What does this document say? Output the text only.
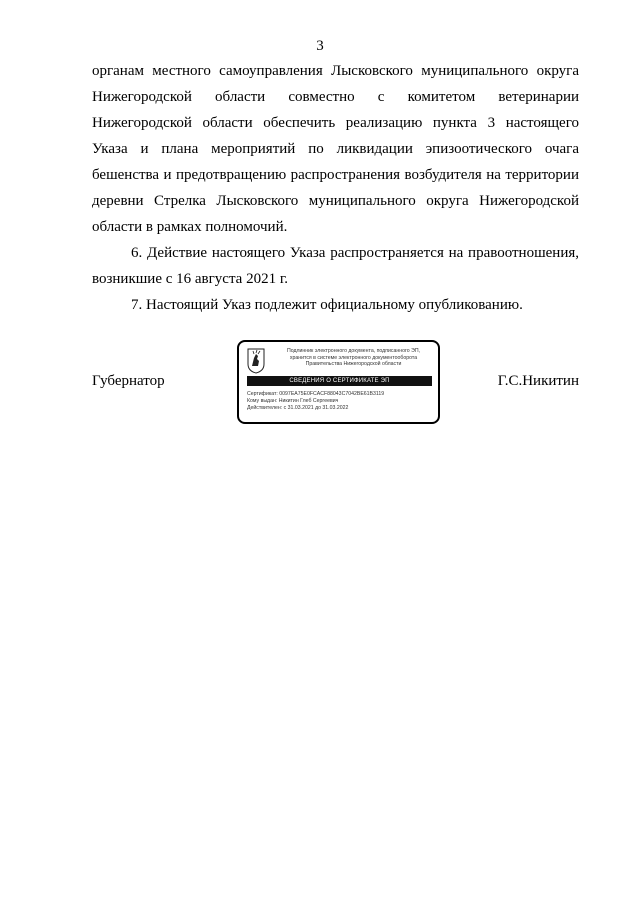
3

органам местного самоуправления Лысковского муниципального округа

Нижегородской области совместно с комитетом ветеринарии

Нижегородской области обеспечить реализацию пункта 3 настоящего

Указа и плана мероприятий по ликвидации эпизоотического очага

бешенства и предотвращению распространения возбудителя на территории

деревни Стрелка Лысковского муниципального округа Нижегородской

области в рамках полномочий.

6. Действие настоящего Указа распространяется на правоотношения,

возникшие с 16 августа 2021 г.

7. Настоящий Указ подлежит официальному опубликованию.

Губернатор
Подлинник электронного документа, подписанного ЭП,
хранится в системе электронного документооборота
Правительства Нижегородской области
СВЕДЕНИЯ О СЕРТИФИКАТЕ ЭП
Сертификат: 0097EA75E0FCACF88043C7042BE61B3119
Кому выдан: Никитин Глеб Сергеевич
Действителен: с 31.03.2021 до 31.03.2022
Г.С.Никитин
